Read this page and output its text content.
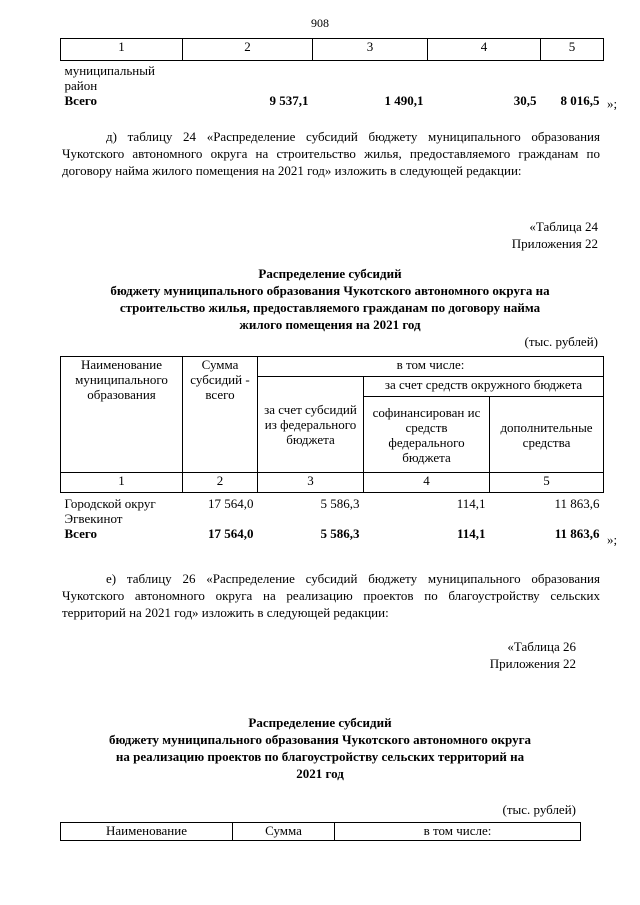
908
1	2	3	4	5
муниципальный район				
Всего	9 537,1	1 490,1	30,5	8 016,5 »;
д) таблицу 24 «Распределение субсидий бюджету муниципального образования Чукотского автономного округа на строительство жилья, предоставляемого гражданам по договору найма жилого помещения на 2021 год» изложить в следующей редакции:
«Таблица 24
Приложения 22
Распределение субсидий
бюджету муниципального образования Чукотского автономного округа на
строительство жилья, предоставляемого гражданам по договору найма
жилого помещения на 2021 год
(тыс. рублей)
Наименование муниципального образования	Сумма субсидий - всего	в том числе:		
		за счет субсидий из федерального бюджета	за счет средств окружного бюджета	
			софинансирован ис средств федерального бюджета	дополнительные средства
1	2	3	4	5
Городской округ Эгвекинот	17 564,0	5 586,3	114,1	11 863,6
Всего	17 564,0	5 586,3	114,1	11 863,6 »;
е) таблицу 26 «Распределение субсидий бюджету муниципального образования Чукотского автономного округа на реализацию проектов по благоустройству сельских территорий на 2021 год» изложить в следующей редакции:
«Таблица 26
Приложения 22
Распределение субсидий
бюджету муниципального образования Чукотского автономного округа
на реализацию проектов по благоустройству сельских территорий на
2021 год
(тыс. рублей)
Наименование	Сумма	в том числе:
